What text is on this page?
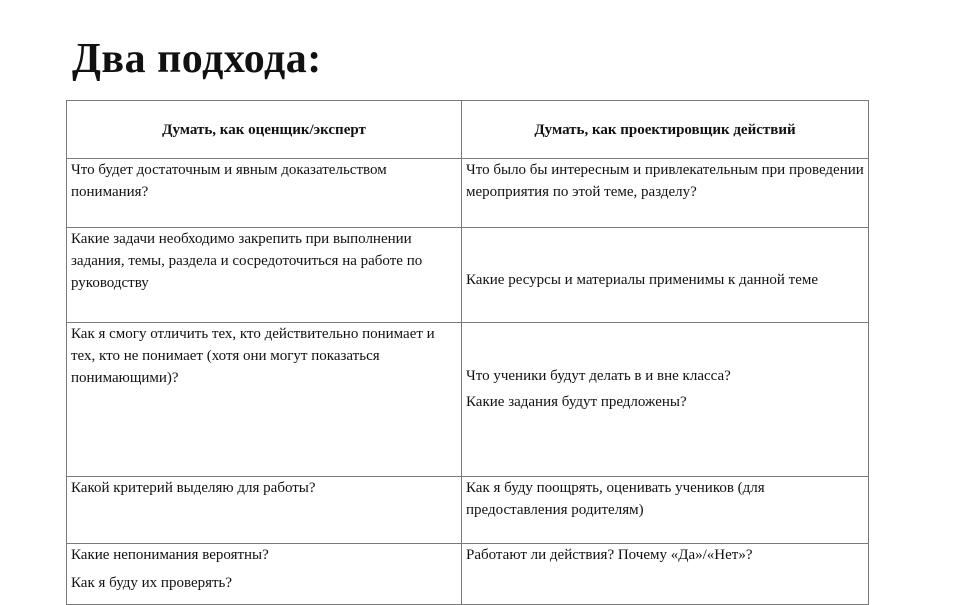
Два подхода:
Думать, как оценщик/эксперт	Думать, как проектировщик действий
Что будет достаточным и явным доказательством понимания?	Что было бы интересным и привлекательным при проведении мероприятия по этой теме, разделу?
Какие задачи необходимо закрепить при выполнении задания, темы, раздела и сосредоточиться на работе по руководству	Какие ресурсы и материалы применимы к данной теме
Как я смогу отличить тех, кто действительно понимает и тех, кто не понимает (хотя они могут показаться понимающими)?	Что ученики будут делать в и вне класса?
Какие задания будут предложены?

Какой критерий выделяю для работы?	Как я буду поощрять, оценивать учеников (для предоставления родителям)

Какие непонимания вероятны?
Как я буду их проверять?	Работают ли действия? Почему «Да»/«Нет»?
